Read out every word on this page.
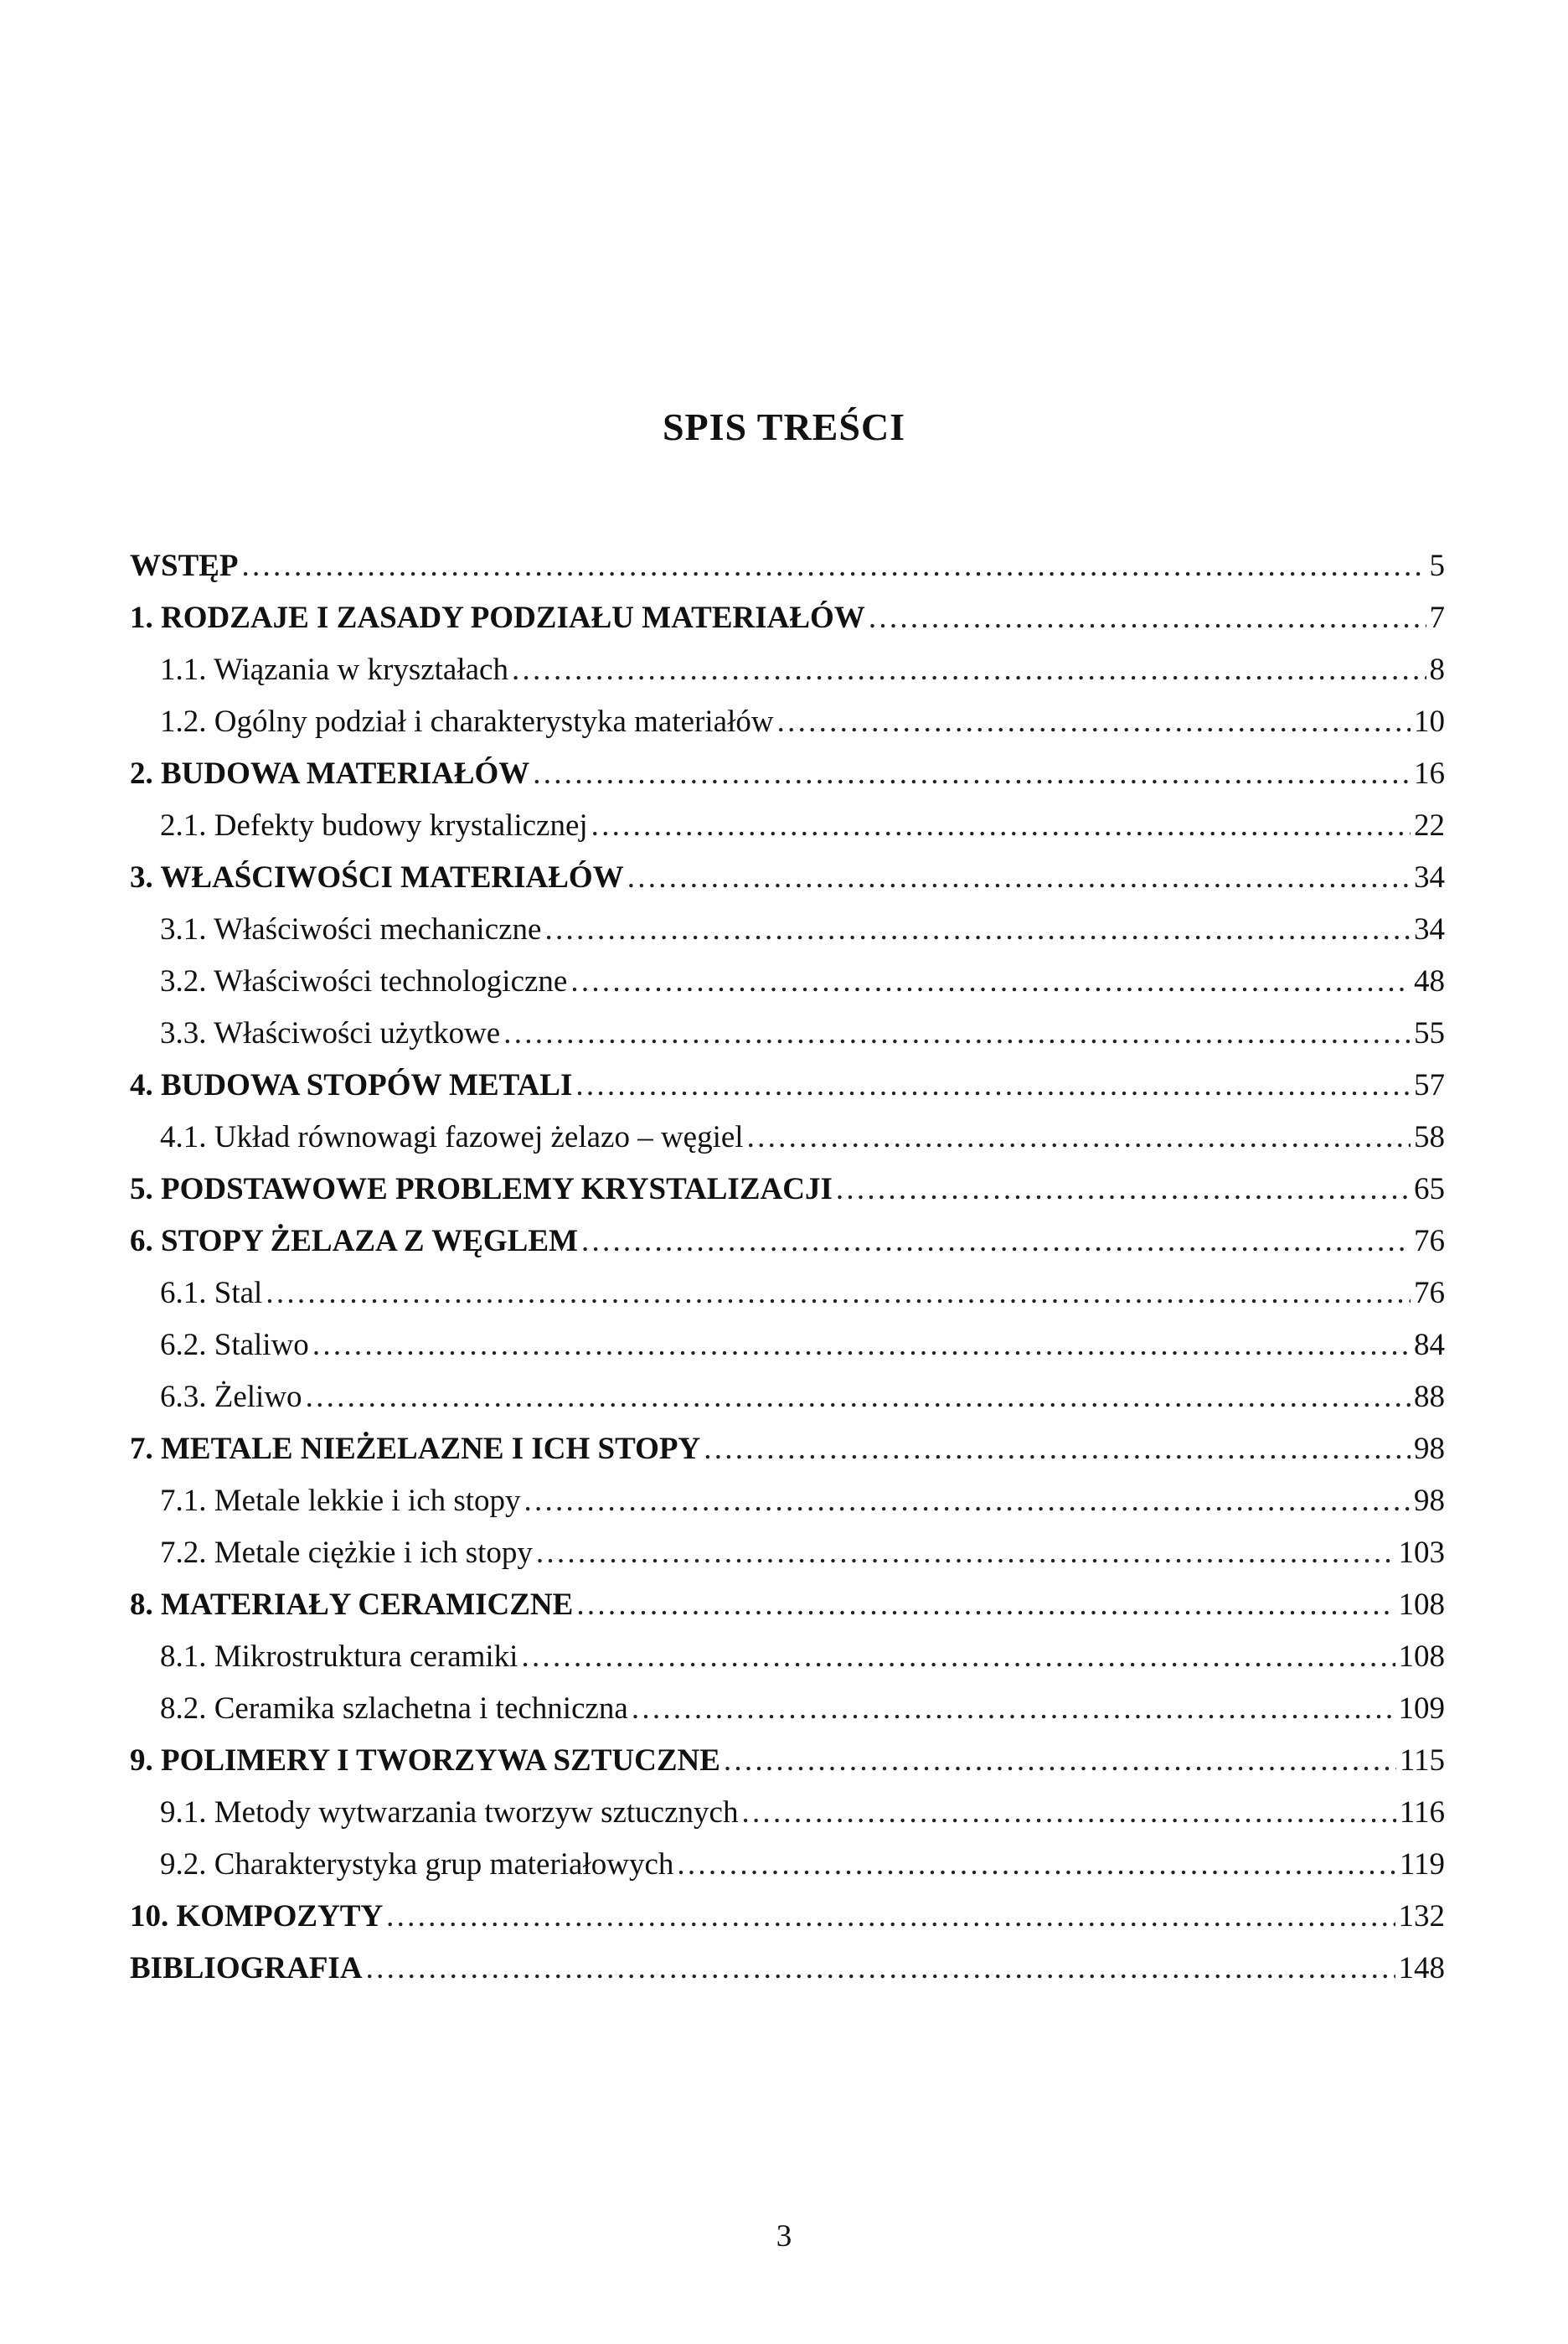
SPIS TREŚCI
WSTĘP . . .	5
1. RODZAJE I ZASADY PODZIAŁU MATERIAŁÓW . . .	7
1.1. Wiązania w kryształach . . .	8
1.2. Ogólny podział i charakterystyka materiałów . . .	10
2. BUDOWA MATERIAŁÓW . . .	16
2.1. Defekty budowy krystalicznej . . .	22
3. WŁAŚCIWOŚCI MATERIAŁÓW . . .	34
3.1. Właściwości mechaniczne . . .	34
3.2. Właściwości technologiczne . . .	48
3.3. Właściwości użytkowe . . .	55
4. BUDOWA STOPÓW METALI . . .	57
4.1. Układ równowagi fazowej żelazo – węgiel . . .	58
5. PODSTAWOWE PROBLEMY KRYSTALIZACJI . . .	65
6. STOPY ŻELAZA Z WĘGLEM . . .	76
6.1. Stal . . .	76
6.2. Staliwo . . .	84
6.3. Żeliwo . . .	88
7. METALE NIEŻELAZNE I ICH STOPY . . .	98
7.1. Metale lekkie i ich stopy . . .	98
7.2. Metale ciężkie i ich stopy . . .	103
8. MATERIAŁY CERAMICZNE . . .	108
8.1. Mikrostruktura ceramiki . . .	108
8.2. Ceramika szlachetna i techniczna . . .	109
9. POLIMERY I TWORZYWA SZTUCZNE . . .	115
9.1. Metody wytwarzania tworzyw sztucznych . . .	116
9.2. Charakterystyka grup materiałowych . . .	119
10. KOMPOZYTY . . .	132
BIBLIOGRAFIA . . .	148
3
